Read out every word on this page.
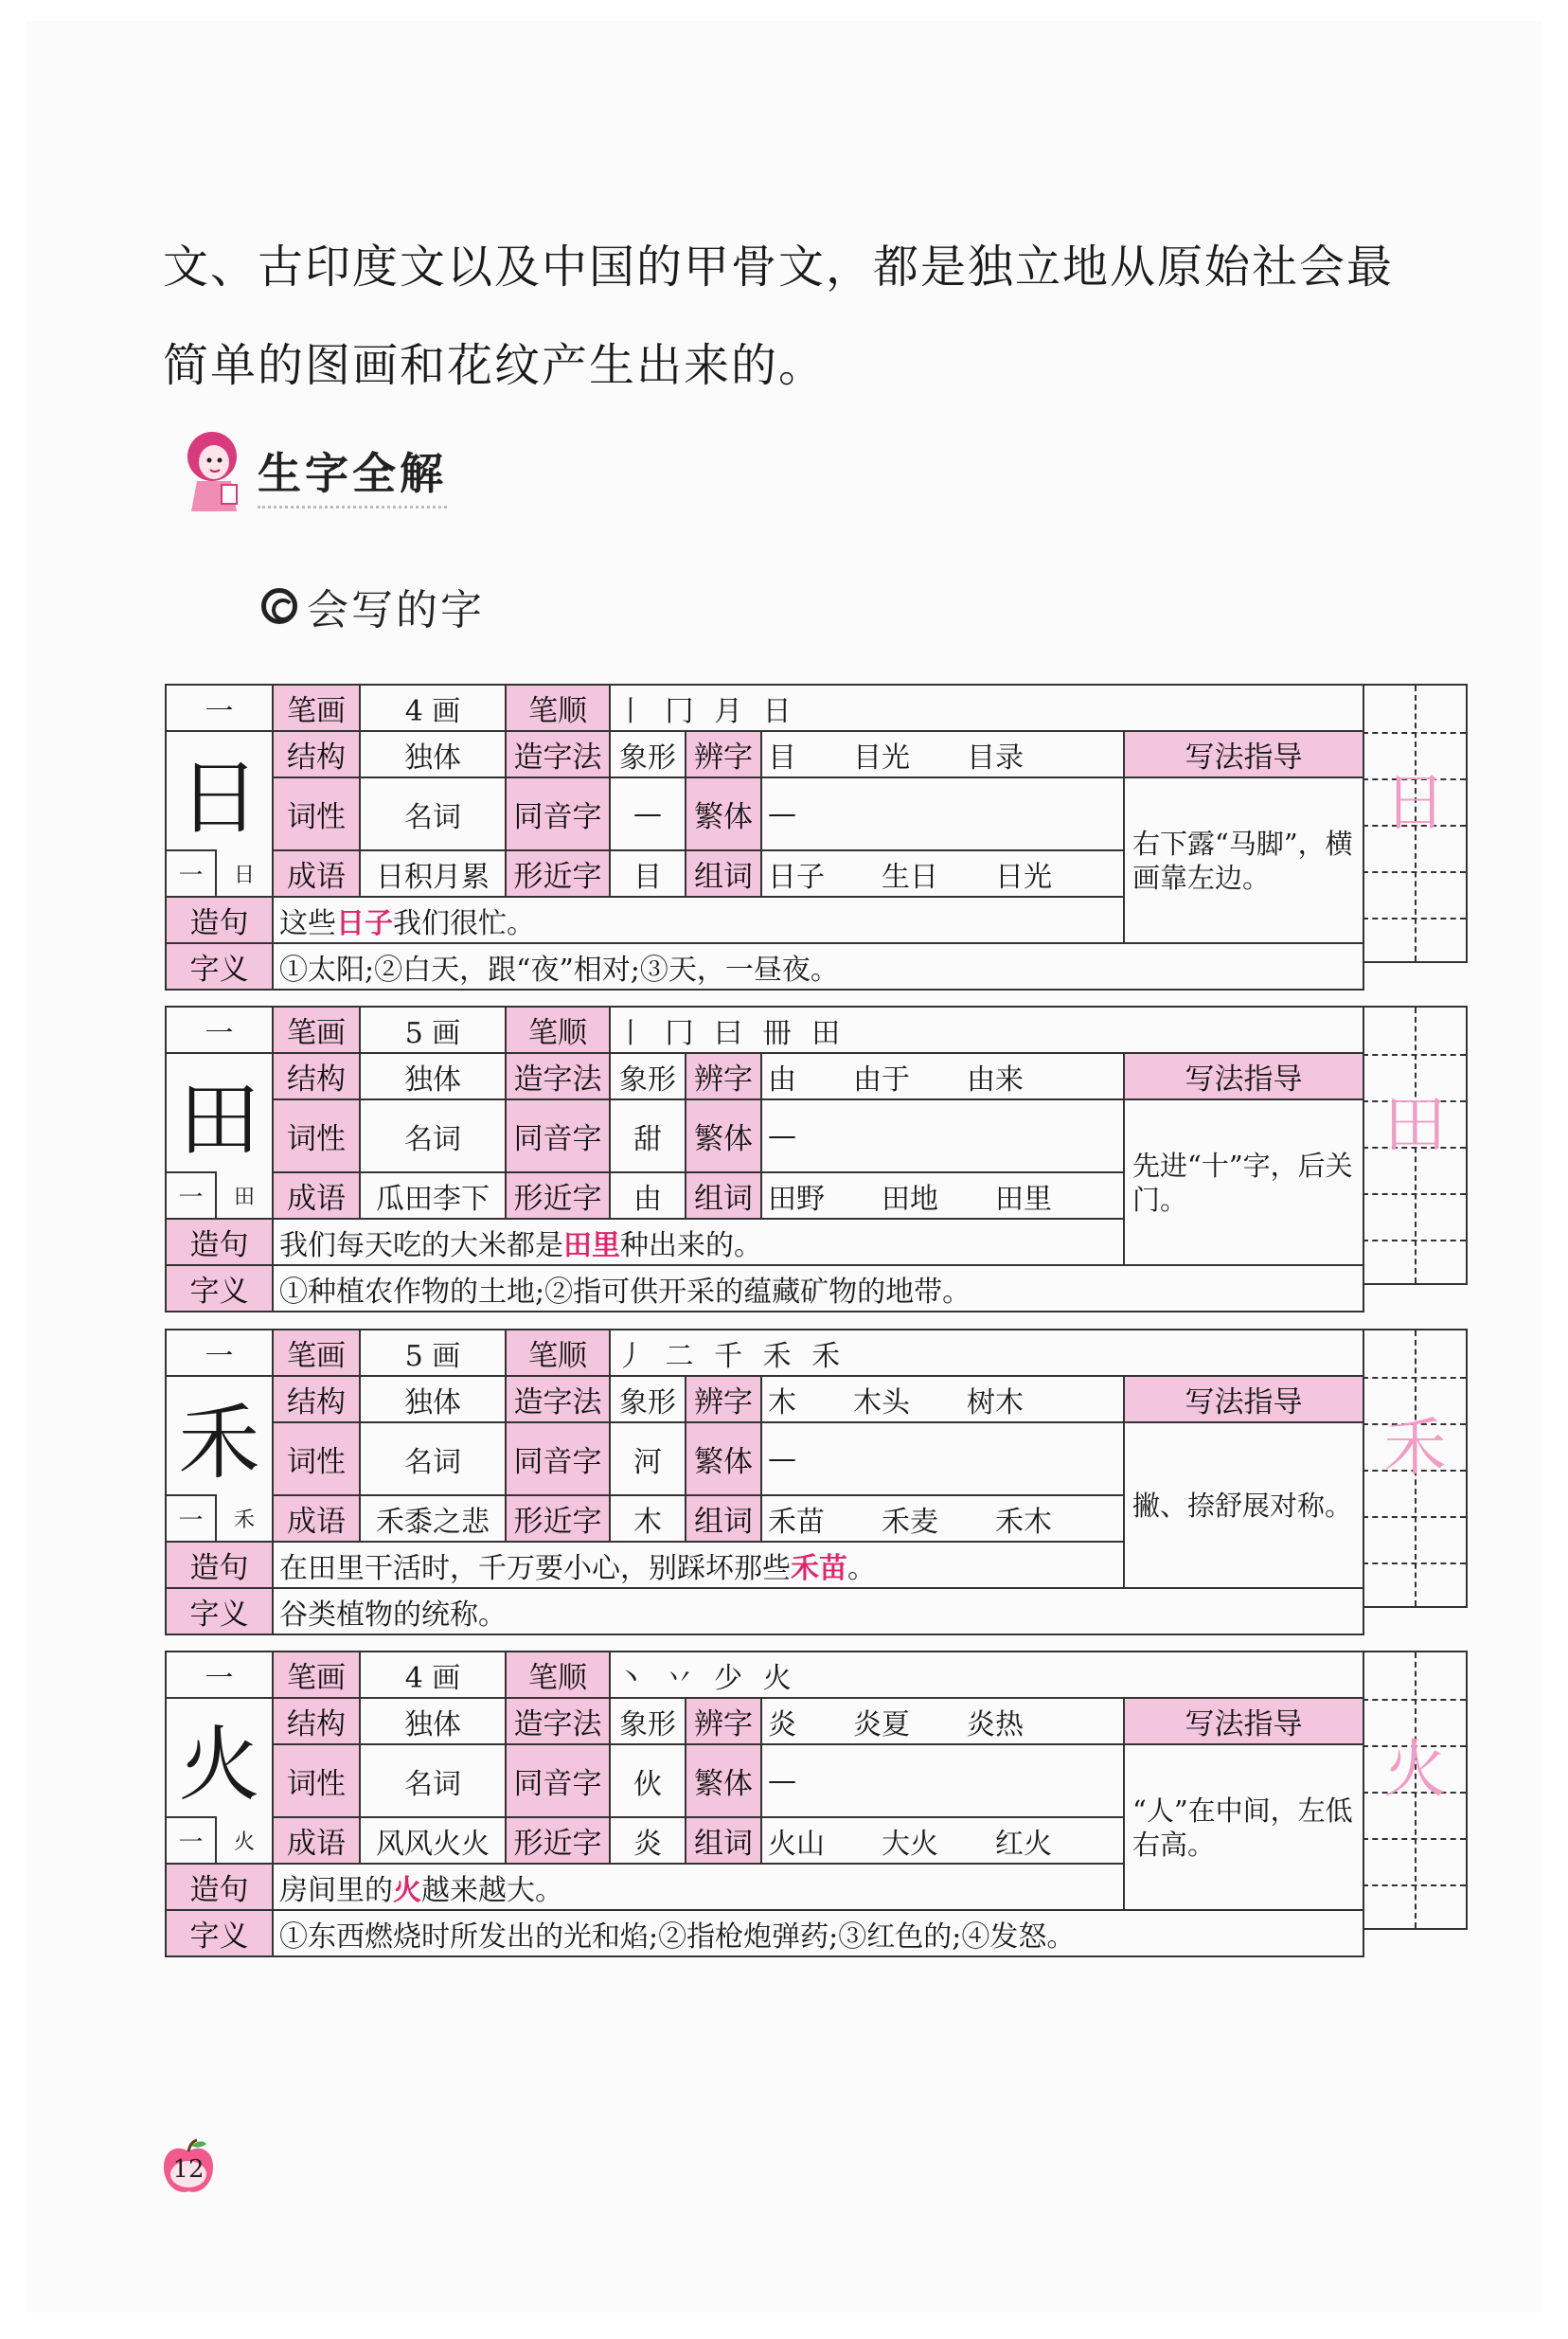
文、古印度文以及中国的甲骨文，都是独立地从原始社会最

简单的图画和花纹产生出来的。

生字全解
会写的字
一		笔画	4 画	笔顺	丨 冂 月 日			
日		结构	独体	造字法	象形	辨字	目　　目光　　目录	写法指导
		词性	名词	同音字	—	繁体	—	右下露“马脚”，横画靠左边。
一	日	成语	日积月累	形近字	目	组词	日子　　生日　　日光	
造句		这些日子我们很忙。						
字义		①太阳;②白天，跟“夜”相对;③天，一昼夜。						
日
一		笔画	5 画	笔顺	丨 冂 曰 冊 田			
田		结构	独体	造字法	象形	辨字	由　　由于　　由来	写法指导
		词性	名词	同音字	甜	繁体	—	先进“十”字，后关门。
一	田	成语	瓜田李下	形近字	由	组词	田野　　田地　　田里	
造句		我们每天吃的大米都是田里种出来的。						
字义		①种植农作物的土地;②指可供开采的蕴藏矿物的地带。						
田
一		笔画	5 画	笔顺	丿 二 千 禾 禾			
禾		结构	独体	造字法	象形	辨字	木　　木头　　树木	写法指导
		词性	名词	同音字	河	繁体	—	撇、捺舒展对称。
一	禾	成语	禾黍之悲	形近字	木	组词	禾苗　　禾麦　　禾木	
造句		在田里干活时，千万要小心，别踩坏那些禾苗。						
字义		谷类植物的统称。						
禾
一		笔画	4 画	笔顺	丶 丷 少 火			
火		结构	独体	造字法	象形	辨字	炎　　炎夏　　炎热	写法指导
		词性	名词	同音字	伙	繁体	—	“人”在中间，左低右高。
一	火	成语	风风火火	形近字	炎	组词	火山　　大火　　红火	
造句		房间里的火越来越大。						
字义		①东西燃烧时所发出的光和焰;②指枪炮弹药;③红色的;④发怒。						
火
12
